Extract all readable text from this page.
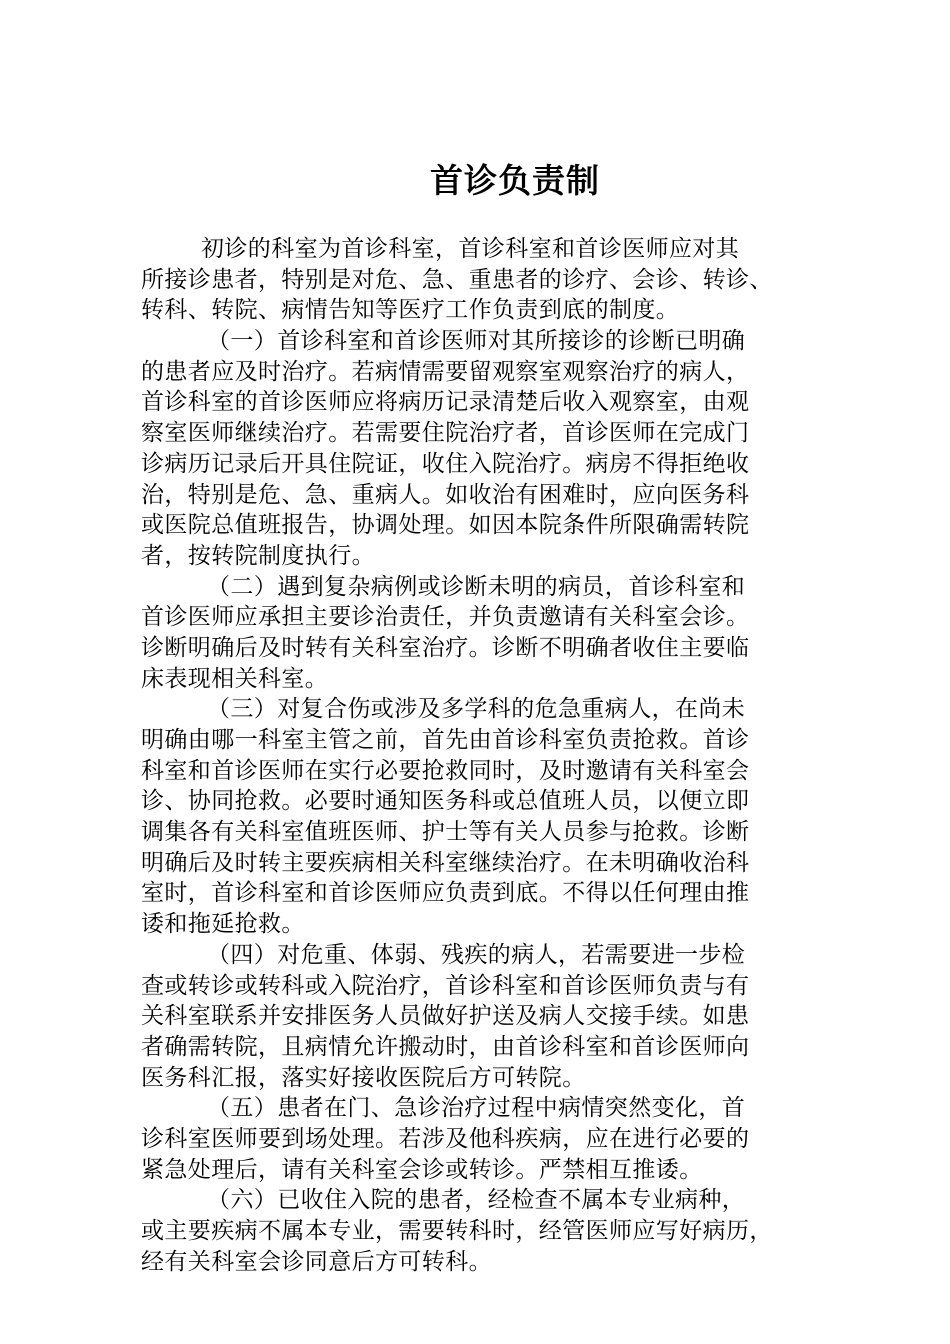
首诊负责制
初诊的科室为首诊科室，首诊科室和首诊医师应对其
所接诊患者，特别是对危、急、重患者的诊疗、会诊、转诊、
转科、转院、病情告知等医疗工作负责到底的制度。
（一）首诊科室和首诊医师对其所接诊的诊断已明确
的患者应及时治疗。若病情需要留观察室观察治疗的病人，
首诊科室的首诊医师应将病历记录清楚后收入观察室，由观
察室医师继续治疗。若需要住院治疗者，首诊医师在完成门
诊病历记录后开具住院证，收住入院治疗。病房不得拒绝收
治，特别是危、急、重病人。如收治有困难时，应向医务科
或医院总值班报告，协调处理。如因本院条件所限确需转院
者，按转院制度执行。
（二）遇到复杂病例或诊断未明的病员，首诊科室和
首诊医师应承担主要诊治责任，并负责邀请有关科室会诊。
诊断明确后及时转有关科室治疗。诊断不明确者收住主要临
床表现相关科室。
（三）对复合伤或涉及多学科的危急重病人，在尚未
明确由哪一科室主管之前，首先由首诊科室负责抢救。首诊
科室和首诊医师在实行必要抢救同时，及时邀请有关科室会
诊、协同抢救。必要时通知医务科或总值班人员，以便立即
调集各有关科室值班医师、护士等有关人员参与抢救。诊断
明确后及时转主要疾病相关科室继续治疗。在未明确收治科
室时，首诊科室和首诊医师应负责到底。不得以任何理由推
诿和拖延抢救。
（四）对危重、体弱、残疾的病人，若需要进一步检
查或转诊或转科或入院治疗，首诊科室和首诊医师负责与有
关科室联系并安排医务人员做好护送及病人交接手续。如患
者确需转院，且病情允许搬动时，由首诊科室和首诊医师向
医务科汇报，落实好接收医院后方可转院。
（五）患者在门、急诊治疗过程中病情突然变化，首
诊科室医师要到场处理。若涉及他科疾病，应在进行必要的
紧急处理后，请有关科室会诊或转诊。严禁相互推诿。
（六）已收住入院的患者，经检查不属本专业病种，
或主要疾病不属本专业，需要转科时，经管医师应写好病历，
经有关科室会诊同意后方可转科。
